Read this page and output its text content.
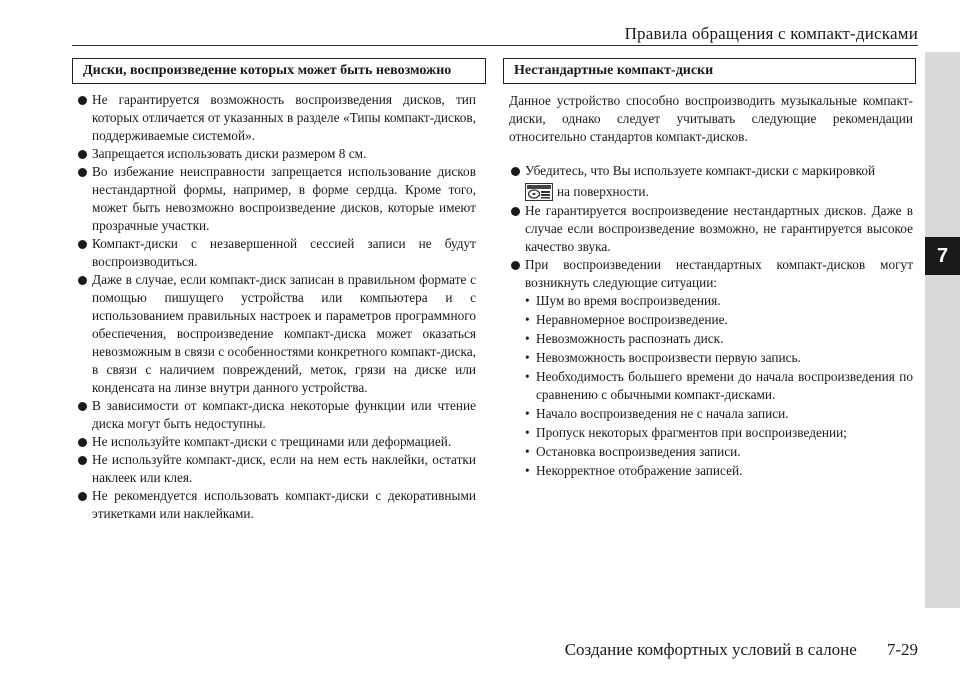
Правила обращения с компакт-дисками
7
Диски, воспроизведение которых может быть невозможно	Нестандартные компакт-диски

Не гарантируется возможность воспроизведения дисков, тип которых отличается от указанных в разделе «Типы компакт-дисков, поддерживаемые системой».

Запрещается использовать диски размером 8 см.

Во избежание неисправности запрещается использование дисков нестандартной формы, например, в форме сердца. Кроме того, может быть невозможно воспроизведение дисков, которые имеют прозрачные участки.

Компакт-диски с незавершенной сессией записи не будут воспроизводиться.

Даже в случае, если компакт-диск записан в правильном формате с помощью пишущего устройства или компьютера и с использованием правильных настроек и параметров программного обеспечения, воспроизведение компакт-диска может оказаться невозможным в связи с особенностями конкретного компакт-диска, в связи с наличием повреждений, меток, грязи на диске или конденсата на линзе внутри данного устройства.

В зависимости от компакт-диска некоторые функции или чтение диска могут быть недоступны.

Не используйте компакт-диски с трещинами или деформацией.

Не используйте компакт-диск, если на нем есть наклейки, остатки наклеек или клея.

Не рекомендуется использовать компакт-диски с декоративными этикетками или наклейками.

Данное устройство способно воспроизводить музыкальные компакт-диски, однако следует учитывать следующие рекомендации относительно стандартов компакт-дисков.

Убедитесь, что Вы используете компакт-диски с маркировкой

на поверхности.

Не гарантируется воспроизведение нестандартных дисков. Даже в случае если воспроизведение возможно, не гарантируется высокое качество звука.

При воспроизведении нестандартных компакт-дисков могут возникнуть следующие ситуации:

• Шум во время воспроизведения.
• Неравномерное воспроизведение.
• Невозможность распознать диск.
• Невозможность воспроизвести первую запись.
• Необходимость большего времени до начала воспроизведения по сравнению с обычными компакт-дисками.
• Начало воспроизведения не с начала записи.
• Пропуск некоторых фрагментов при воспроизведении;
• Остановка воспроизведения записи.
• Некорректное отображение записей.
Создание комфортных условий в салоне 7-29
